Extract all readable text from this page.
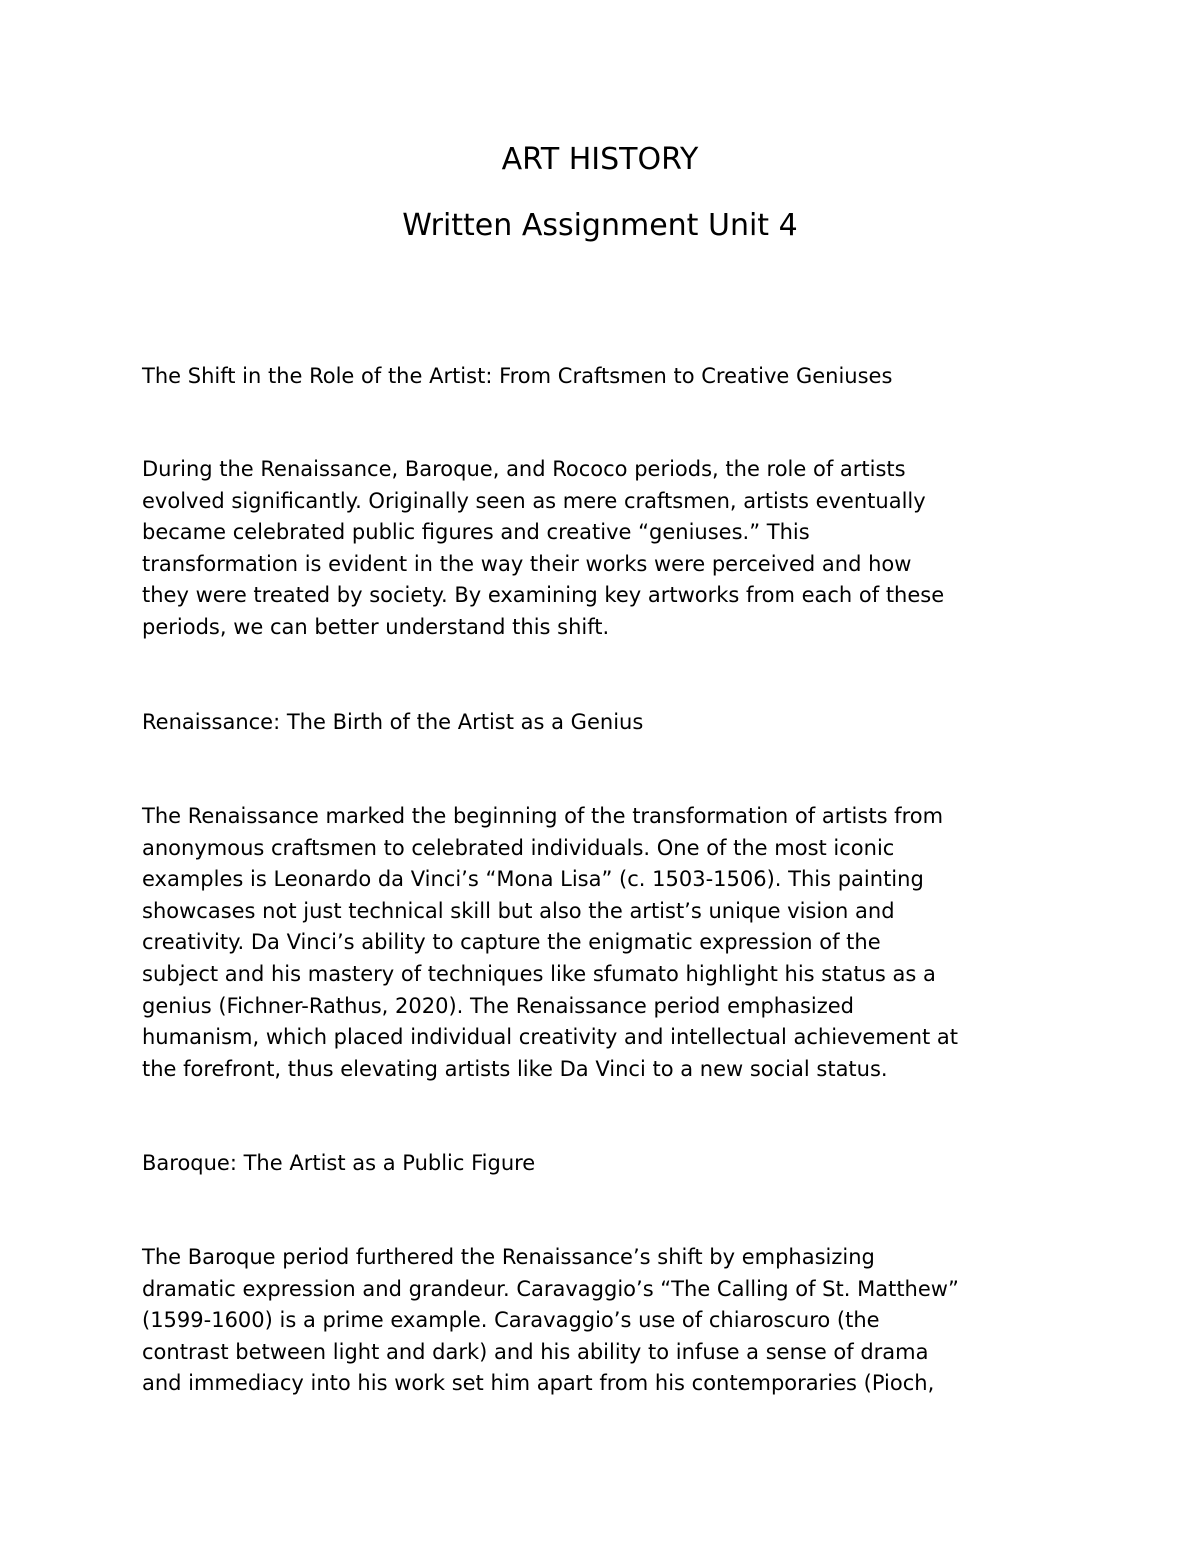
ART HISTORY
Written Assignment Unit 4
The Shift in the Role of the Artist: From Craftsmen to Creative Geniuses

During the Renaissance, Baroque, and Rococo periods, the role of artists
evolved significantly. Originally seen as mere craftsmen, artists eventually
became celebrated public figures and creative “geniuses.” This
transformation is evident in the way their works were perceived and how
they were treated by society. By examining key artworks from each of these
periods, we can better understand this shift.

Renaissance: The Birth of the Artist as a Genius

The Renaissance marked the beginning of the transformation of artists from
anonymous craftsmen to celebrated individuals. One of the most iconic
examples is Leonardo da Vinci’s “Mona Lisa” (c. 1503-1506). This painting
showcases not just technical skill but also the artist’s unique vision and
creativity. Da Vinci’s ability to capture the enigmatic expression of the
subject and his mastery of techniques like sfumato highlight his status as a
genius (Fichner-Rathus, 2020). The Renaissance period emphasized
humanism, which placed individual creativity and intellectual achievement at
the forefront, thus elevating artists like Da Vinci to a new social status.

Baroque: The Artist as a Public Figure

The Baroque period furthered the Renaissance’s shift by emphasizing
dramatic expression and grandeur. Caravaggio’s “The Calling of St. Matthew”
(1599-1600) is a prime example. Caravaggio’s use of chiaroscuro (the
contrast between light and dark) and his ability to infuse a sense of drama
and immediacy into his work set him apart from his contemporaries (Pioch,
